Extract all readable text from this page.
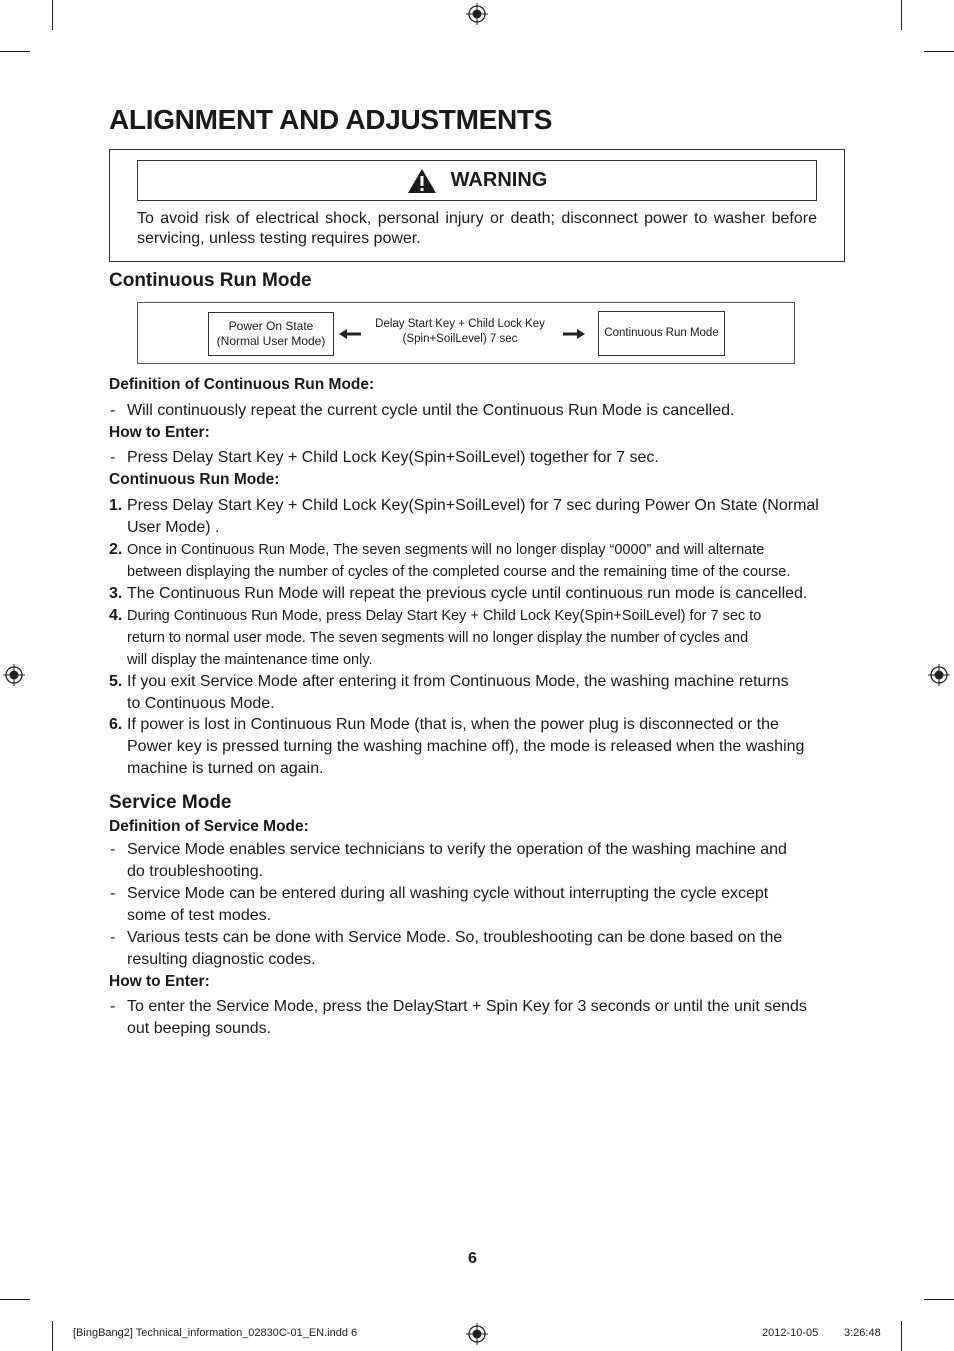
ALIGNMENT AND ADJUSTMENTS
WARNING
To avoid risk of electrical shock, personal injury or death; disconnect power to washer before servicing, unless testing requires power.
Continuous Run Mode
Power On State
(Normal User Mode)
Delay Start Key + Child Lock Key
(Spin+SoilLevel) 7 sec	Continuous Run Mode
Definition of Continuous Run Mode:
- Will continuously repeat the current cycle until the Continuous Run Mode is cancelled.
How to Enter:
- Press Delay Start Key + Child Lock Key(Spin+SoilLevel) together for 7 sec.
Continuous Run Mode:
1. Press Delay Start Key + Child Lock Key(Spin+SoilLevel) for 7 sec during Power On State (Normal
User Mode) .
2. Once in Continuous Run Mode, The seven segments will no longer display “0000” and will alternate
between displaying the number of cycles of the completed course and the remaining time of the course.
3. The Continuous Run Mode will repeat the previous cycle until continuous run mode is cancelled.
4. During Continuous Run Mode, press Delay Start Key + Child Lock Key(Spin+SoilLevel) for 7 sec to
return to normal user mode. The seven segments will no longer display the number of cycles and
will display the maintenance time only.
5. If you exit Service Mode after entering it from Continuous Mode, the washing machine returns
to Continuous Mode.
6. If power is lost in Continuous Run Mode (that is, when the power plug is disconnected or the
Power key is pressed turning the washing machine off), the mode is released when the washing
machine is turned on again.
Service Mode
Definition of Service Mode:
- Service Mode enables service technicians to verify the operation of the washing machine and
do troubleshooting.
- Service Mode can be entered during all washing cycle without interrupting the cycle except
some of test modes.
- Various tests can be done with Service Mode. So, troubleshooting can be done based on the
resulting diagnostic codes.
How to Enter:
- To enter the Service Mode, press the DelayStart + Spin Key for 3 seconds or until the unit sends
out beeping sounds.
6
[BingBang2] Technical_information_02830C-01_EN.indd 6	2012-10-05 3:26:48
